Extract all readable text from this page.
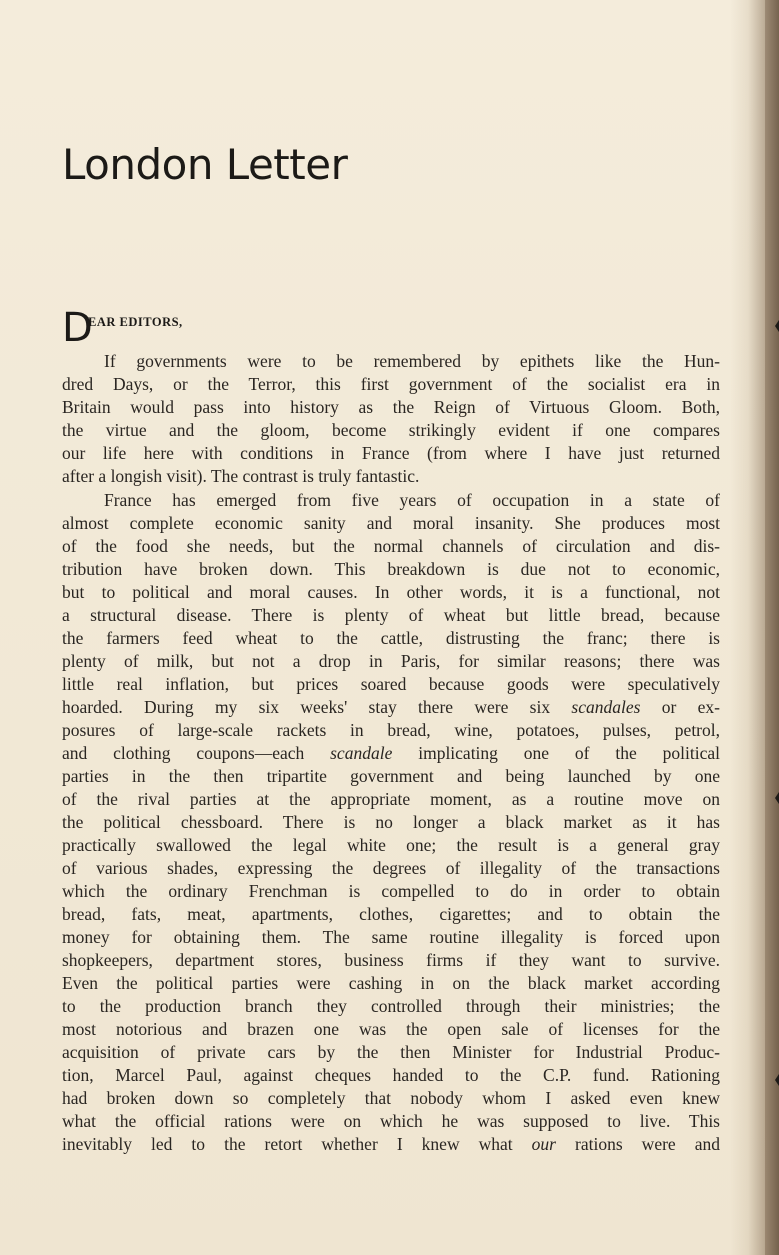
London Letter
D
EAR EDITORS,

If governments were to be remembered by epithets like the Hun-
dred Days, or the Terror, this first government of the socialist era in
Britain would pass into history as the Reign of Virtuous Gloom. Both,
the virtue and the gloom, become strikingly evident if one compares
our life here with conditions in France (from where I have just returned
after a longish visit). The contrast is truly fantastic.

France has emerged from five years of occupation in a state of
almost complete economic sanity and moral insanity. She produces most
of the food she needs, but the normal channels of circulation and dis-
tribution have broken down. This breakdown is due not to economic,
but to political and moral causes. In other words, it is a functional, not
a structural disease. There is plenty of wheat but little bread, because
the farmers feed wheat to the cattle, distrusting the franc; there is
plenty of milk, but not a drop in Paris, for similar reasons; there was
little real inflation, but prices soared because goods were speculatively
hoarded. During my six weeks' stay there were six scandales or ex-
posures of large-scale rackets in bread, wine, potatoes, pulses, petrol,
and clothing coupons—each scandale implicating one of the political
parties in the then tripartite government and being launched by one
of the rival parties at the appropriate moment, as a routine move on
the political chessboard. There is no longer a black market as it has
practically swallowed the legal white one; the result is a general gray
of various shades, expressing the degrees of illegality of the transactions
which the ordinary Frenchman is compelled to do in order to obtain
bread, fats, meat, apartments, clothes, cigarettes; and to obtain the
money for obtaining them. The same routine illegality is forced upon
shopkeepers, department stores, business firms if they want to survive.
Even the political parties were cashing in on the black market according
to the production branch they controlled through their ministries; the
most notorious and brazen one was the open sale of licenses for the
acquisition of private cars by the then Minister for Industrial Produc-
tion, Marcel Paul, against cheques handed to the C.P. fund. Rationing
had broken down so completely that nobody whom I asked even knew
what the official rations were on which he was supposed to live. This
inevitably led to the retort whether I knew what our rations were and
